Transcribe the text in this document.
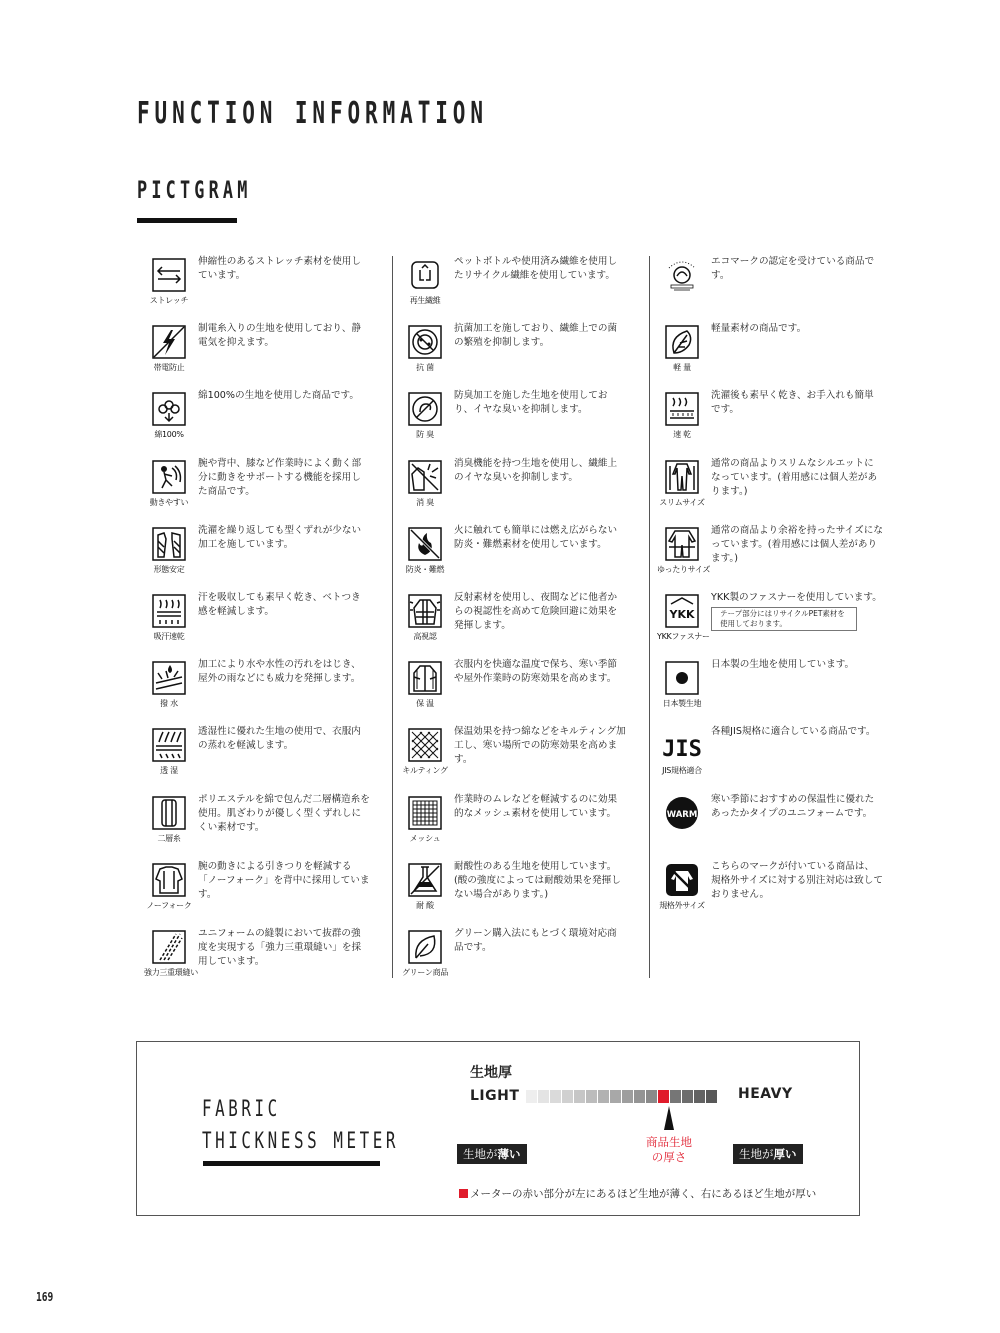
FUNCTION INFORMATION
PICTGRAM
ストレッチ
伸縮性のあるストレッチ素材を使用しています。
帯電防止
制電糸入りの生地を使用しており、静電気を抑えます。
綿100%
綿100%の生地を使用した商品です。
動きやすい
腕や背中、膝など作業時によく動く部分に動きをサポートする機能を採用した商品です。
形態安定
洗濯を繰り返しても型くずれが少ない加工を施しています。
吸汗速乾
汗を吸収しても素早く乾き、ベトつき感を軽減します。
撥 水
加工により水や水性の汚れをはじき、屋外の雨などにも威力を発揮します。
透 湿
透湿性に優れた生地の使用で、衣服内の蒸れを軽減します。
二層糸
ポリエステルを綿で包んだ二層構造糸を使用。肌ざわりが優しく型くずれしにくい素材です。
ノーフォーク
腕の動きによる引きつりを軽減する「ノーフォーク」を背中に採用しています。
強力三重環縫い
ユニフォームの縫製において抜群の強度を実現する「強力三重環縫い」を採用しています。
再生繊維
ペットボトルや使用済み繊維を使用したリサイクル繊維を使用しています。
抗 菌
抗菌加工を施しており、繊維上での菌の繁殖を抑制します。
防 臭
防臭加工を施した生地を使用しており、イヤな臭いを抑制します。
消 臭
消臭機能を持つ生地を使用し、繊維上のイヤな臭いを抑制します。
防炎・難燃
火に触れても簡単には燃え広がらない防炎・難燃素材を使用しています。
高視認
反射素材を使用し、夜間などに他者からの視認性を高めて危険回避に効果を発揮します。
保 温
衣服内を快適な温度で保ち、寒い季節や屋外作業時の防寒効果を高めます。
キルティング
保温効果を持つ綿などをキルティング加工し、寒い場所での防寒効果を高めます。
メッシュ
作業時のムレなどを軽減するのに効果的なメッシュ素材を使用しています。
耐 酸
耐酸性のある生地を使用しています。(酸の強度によっては耐酸効果を発揮しない場合があります。)
グリーン商品
グリーン購入法にもとづく環境対応商品です。
エコマークの認定を受けている商品です。
軽 量
軽量素材の商品です。
速 乾
洗濯後も素早く乾き、お手入れも簡単です。
スリムサイズ
通常の商品よりスリムなシルエットになっています。(着用感には個人差があります。)
ゆったりサイズ
通常の商品より余裕を持ったサイズになっています。(着用感には個人差があります。)
YKK
YKKファスナー
YKK製のファスナーを使用しています。
テープ部分にはリサイクルPET素材を使用しております。
日本製生地
日本製の生地を使用しています。
JIS
JIS規格適合
各種JIS規格に適合している商品です。
WARM
寒い季節におすすめの保温性に優れたあったかタイプのユニフォームです。
規格外サイズ
こちらのマークが付いている商品は、規格外サイズに対する別注対応は致しておりません。
FABRIC
THICKNESS METER
生地厚
LIGHT	HEAVY
生地が薄い
商品生地
の厚さ	生地が厚い
メーターの赤い部分が左にあるほど生地が薄く、右にあるほど生地が厚い
169
